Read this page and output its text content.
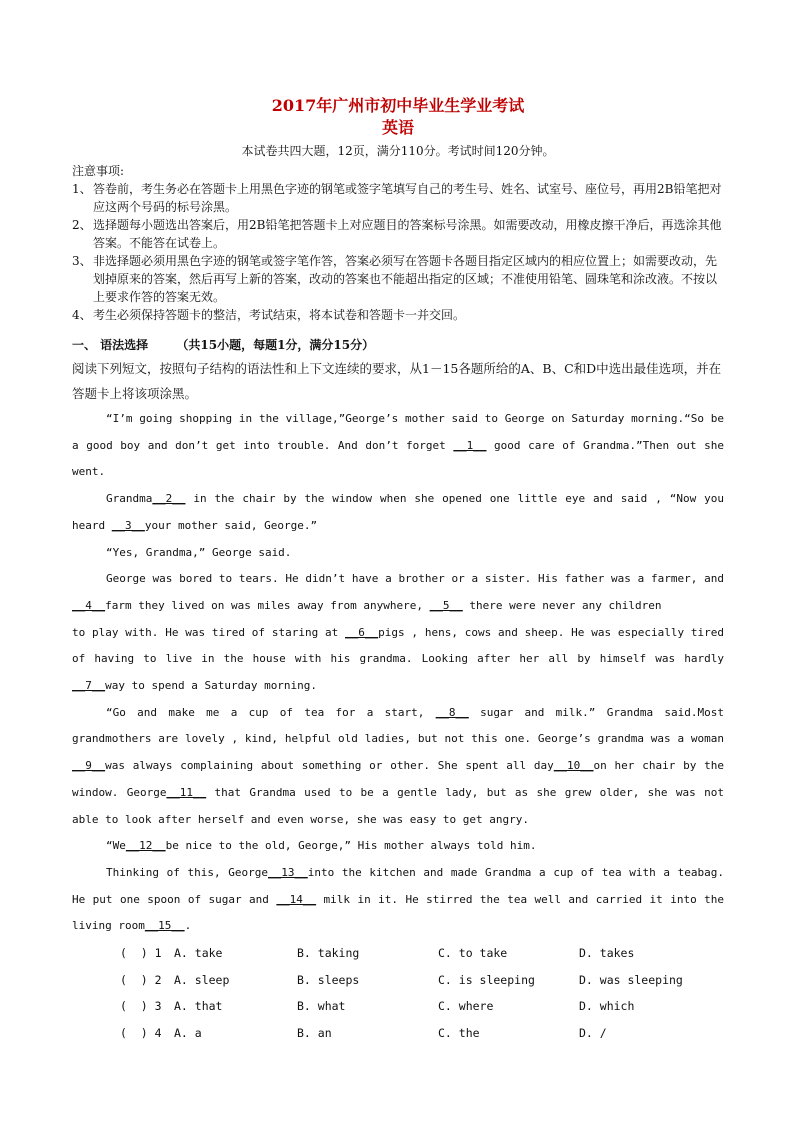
2017年广州市初中毕业生学业考试
英语
本试卷共四大题，12页，满分110分。考试时间120分钟。
注意事项:
1、 答卷前，考生务必在答题卡上用黑色字迹的钢笔或签字笔填写自己的考生号、姓名、试室号、座位号，再用2B铅笔把对应这两个号码的标号涂黑。
2、 选择题每小题选出答案后，用2B铅笔把答题卡上对应题目的答案标号涂黑。如需要改动，用橡皮擦干净后，再选涂其他答案。不能答在试卷上。
3、 非选择题必须用黑色字迹的钢笔或签字笔作答，答案必须写在答题卡各题目指定区域内的相应位置上；如需要改动，先划掉原来的答案，然后再写上新的答案，改动的答案也不能超出指定的区域；不准使用铅笔、圆珠笔和涂改液。不按以上要求作答的答案无效。
4、 考生必须保持答题卡的整洁，考试结束，将本试卷和答题卡一并交回。
一、 语法选择 （共15小题，每题1分，满分15分）
阅读下列短文，按照句子结构的语法性和上下文连续的要求，从1－15各题所给的A、B、C和D中选出最佳选项，并在答题卡上将该项涂黑。
“I’m going shopping in the village,”George’s mother said to George on Saturday morning.“So be a good boy and don’t get into trouble. And don’t forget __1__ good care of Grandma.”Then out she went.
Grandma__2__ in the chair by the window when she opened one little eye and said , “Now you heard __3__your mother said, George.”
“Yes, Grandma,” George said.
George was bored to tears. He didn’t have a brother or a sister. His father was a farmer, and __4__farm they lived on was miles away from anywhere, __5__ there were never any children
to play with. He was tired of staring at __6__pigs , hens, cows and sheep. He was especially tired of having to live in the house with his grandma. Looking after her all by himself was hardly __7__way to spend a Saturday morning.
“Go and make me a cup of tea for a start, __8__ sugar and milk.” Grandma said.Most grandmothers are lovely , kind, helpful old ladies, but not this one. George’s grandma was a woman __9__was always complaining about something or other. She spent all day__10__on her chair by the window. George__11__ that Grandma used to be a gentle lady, but as she grew older, she was not able to look after herself and even worse, she was easy to get angry.
“We__12__be nice to the old, George,” His mother always told him.
Thinking of this, George__13__into the kitchen and made Grandma a cup of tea with a teabag. He put one spoon of sugar and __14__ milk in it. He stirred the tea well and carried it into the living room__15__.
(  ) 1	A. take	B. taking	C. to take	D. takes
(  ) 2	A. sleep	B. sleeps	C. is sleeping	D. was sleeping
(  ) 3	A. that	B. what	C. where	D. which
(  ) 4	A. a	B. an	C. the	D. /
